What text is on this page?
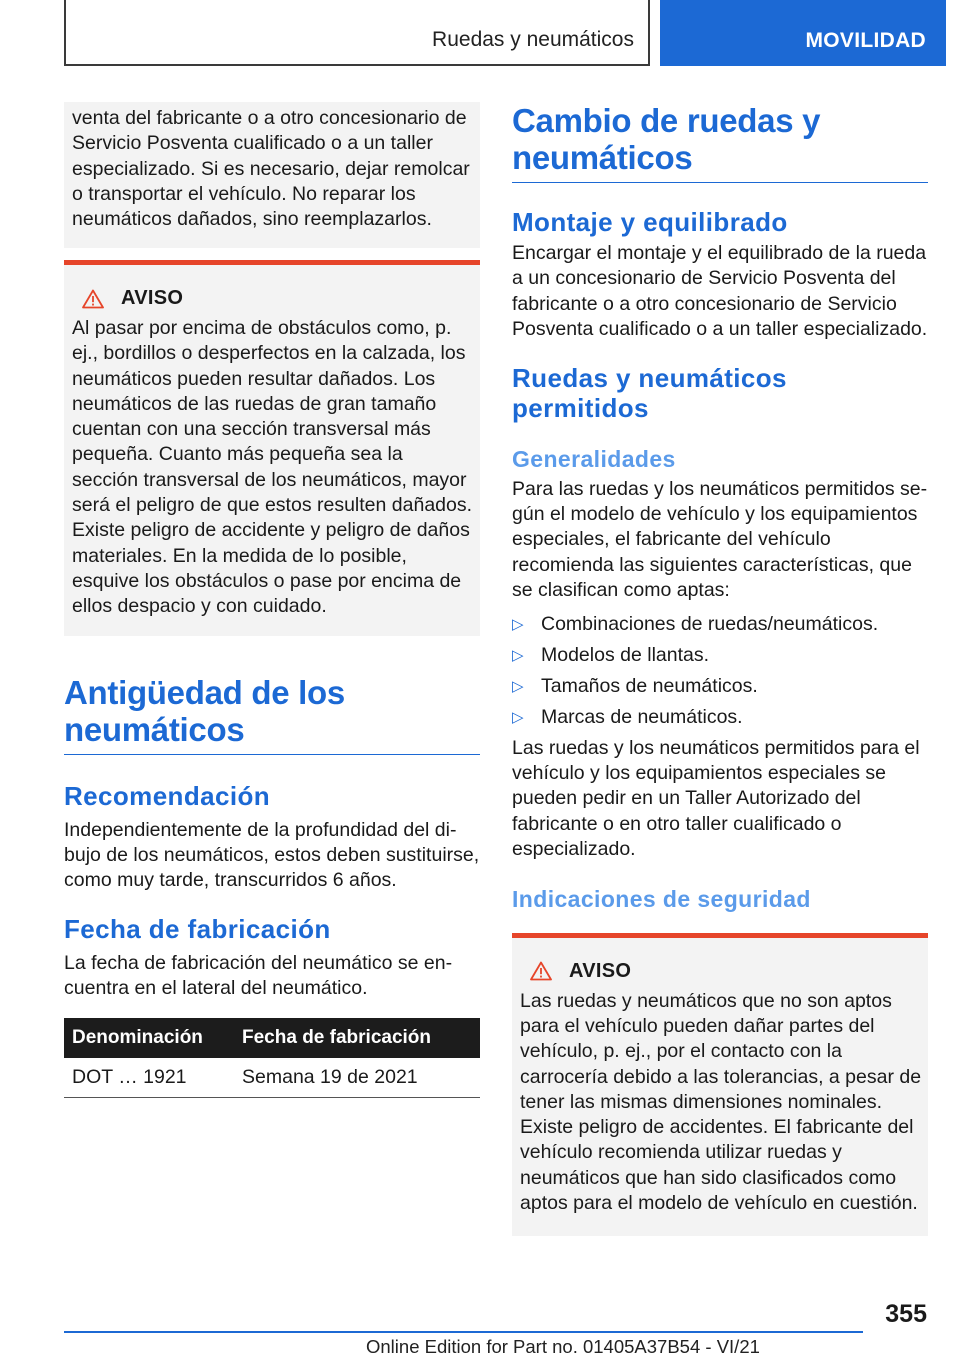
Ruedas y neumáticos	MOVILIDAD

venta del fabricante o a otro concesionario de Servicio Posventa cualificado o a un taller especializado. Si es necesario, dejar remolcar o transportar el vehículo. No reparar los neumáticos dañados, sino reemplazarlos.

AVISO

Al pasar por encima de obstáculos como, p. ej., bordillos o desperfectos en la calzada, los neumáticos pueden resultar dañados. Los neumáticos de las ruedas de gran tamaño cuentan con una sección transversal más pequeña. Cuanto más pequeña sea la sección transversal de los neumáticos, mayor será el peligro de que estos resulten dañados. Existe peligro de accidente y peligro de daños materiales. En la medida de lo posible, esquive los obstáculos o pase por encima de ellos despacio y con cuidado.

Antigüedad de los neumáticos
Recomendación

Independientemente de la profundidad del dibujo de los neumáticos, estos deben sustituirse, como muy tarde, transcurridos 6 años.

Fecha de fabricación

La fecha de fabricación del neumático se encuentra en el lateral del neumático.

Denominación	Fecha de fabricación
DOT … 1921	Semana 19 de 2021
Cambio de ruedas y neumáticos
Montaje y equilibrado

Encargar el montaje y el equilibrado de la rueda a un concesionario de Servicio Posventa del fabricante o a otro concesionario de Servicio Posventa cualificado o a un taller especializado.

Ruedas y neumáticos permitidos
Generalidades

Para las ruedas y los neumáticos permitidos según el modelo de vehículo y los equipamientos especiales, el fabricante del vehículo recomienda las siguientes características, que se clasifican como aptas:

▷ Combinaciones de ruedas/neumáticos.
▷ Modelos de llantas.
▷ Tamaños de neumáticos.
▷ Marcas de neumáticos.

Las ruedas y los neumáticos permitidos para el vehículo y los equipamientos especiales se pueden pedir en un Taller Autorizado del fabricante o en otro taller cualificado o especializado.

Indicaciones de seguridad
AVISO

Las ruedas y neumáticos que no son aptos para el vehículo pueden dañar partes del vehículo, p. ej., por el contacto con la carrocería debido a las tolerancias, a pesar de tener las mismas dimensiones nominales. Existe peligro de accidentes. El fabricante del vehículo recomienda utilizar ruedas y neumáticos que han sido clasificados como aptos para el modelo de vehículo en cuestión.

355
Online Edition for Part no. 01405A37B54 - VI/21
